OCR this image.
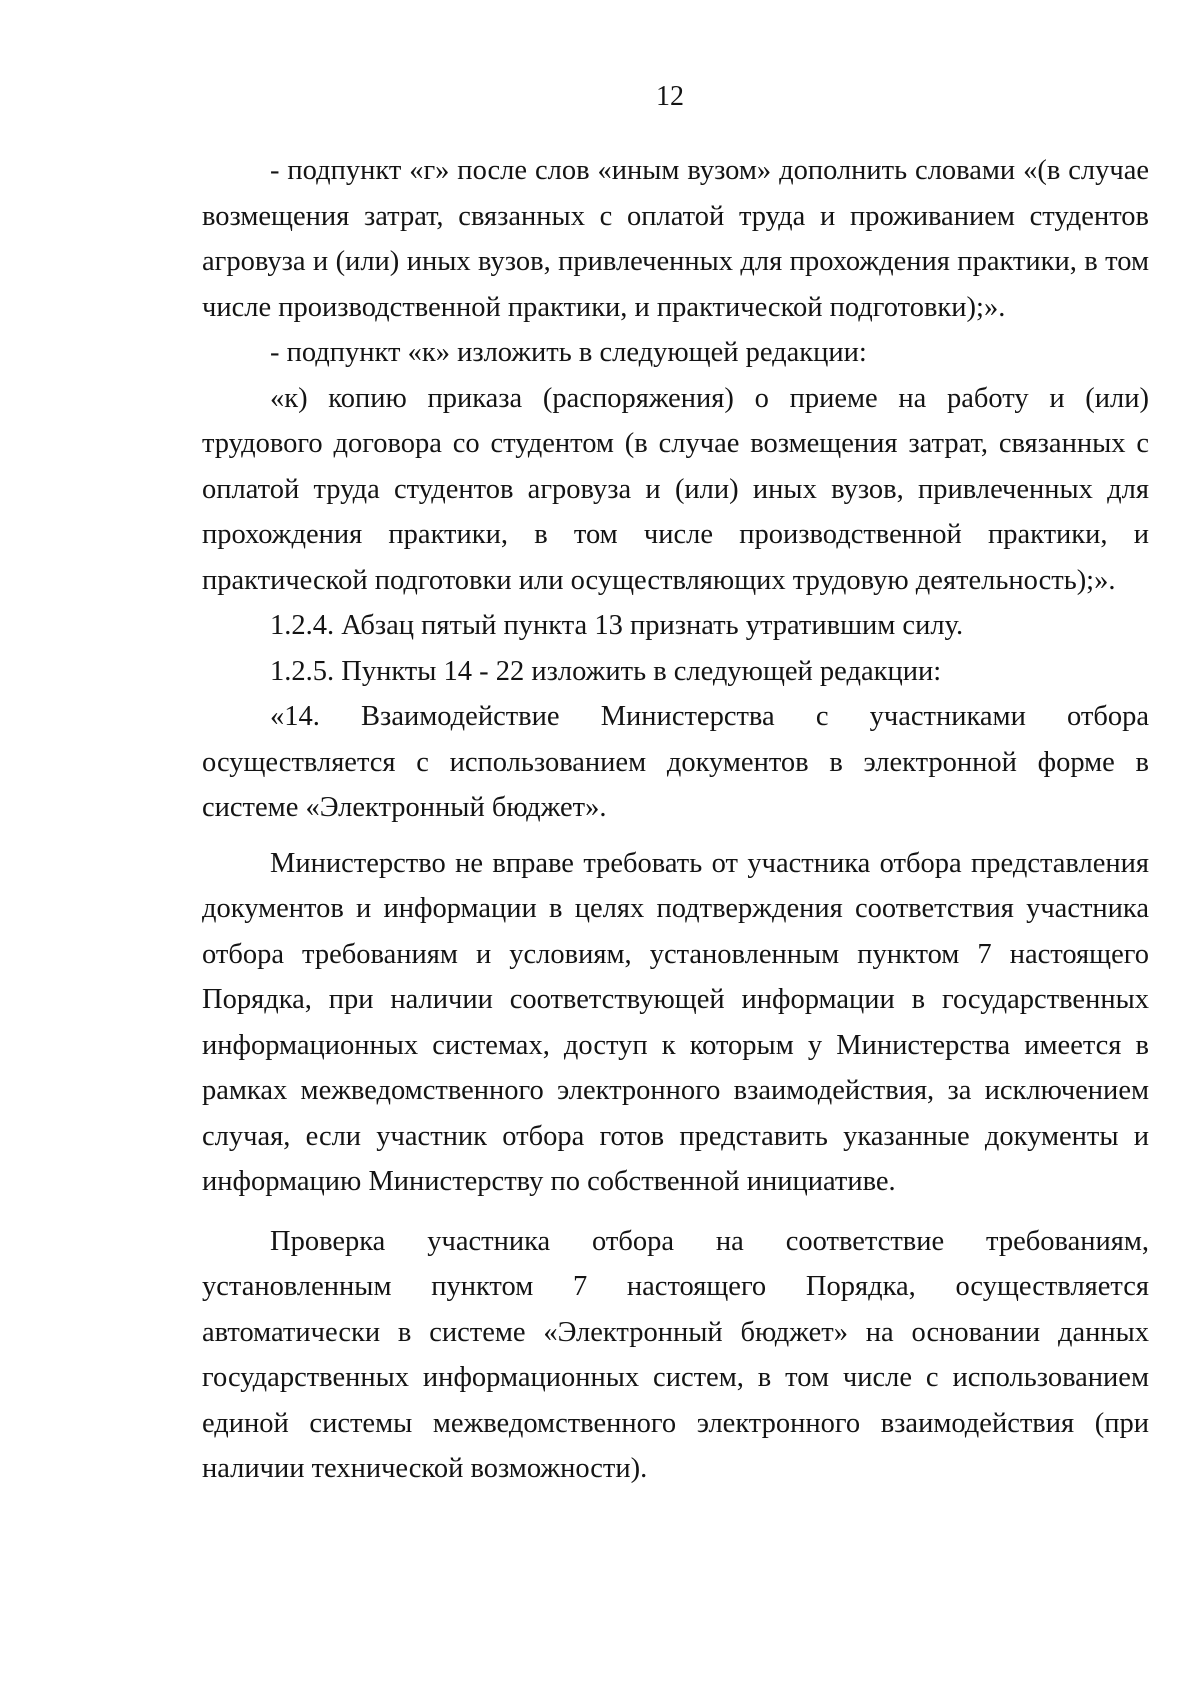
12

- подпункт «г» после слов «иным вузом» дополнить словами «(в случае возмещения затрат, связанных с оплатой труда и проживанием студентов агровуза и (или) иных вузов, привлеченных для прохождения практики, в том числе производственной практики, и практической подготовки);».

- подпункт «к» изложить в следующей редакции:

«к) копию приказа (распоряжения) о приеме на работу и (или) трудового договора со студентом (в случае возмещения затрат, связанных с оплатой труда студентов агровуза и (или) иных вузов, привлеченных для прохождения практики, в том числе производственной практики, и практической подготовки или осуществляющих трудовую деятельность);».

1.2.4. Абзац пятый пункта 13 признать утратившим силу.

1.2.5. Пункты 14 - 22 изложить в следующей редакции:

«14. Взаимодействие Министерства с участниками отбора осуществляется с использованием документов в электронной форме в системе «Электронный бюджет».

Министерство не вправе требовать от участника отбора представления документов и информации в целях подтверждения соответствия участника отбора требованиям и условиям, установленным пунктом 7 настоящего Порядка, при наличии соответствующей информации в государственных информационных системах, доступ к которым у Министерства имеется в рамках межведомственного электронного взаимодействия, за исключением случая, если участник отбора готов представить указанные документы и информацию Министерству по собственной инициативе.

Проверка участника отбора на соответствие требованиям, установленным пунктом 7 настоящего Порядка, осуществляется автоматически в системе «Электронный бюджет» на основании данных государственных информационных систем, в том числе с использованием единой системы межведомственного электронного взаимодействия (при наличии технической возможности).
